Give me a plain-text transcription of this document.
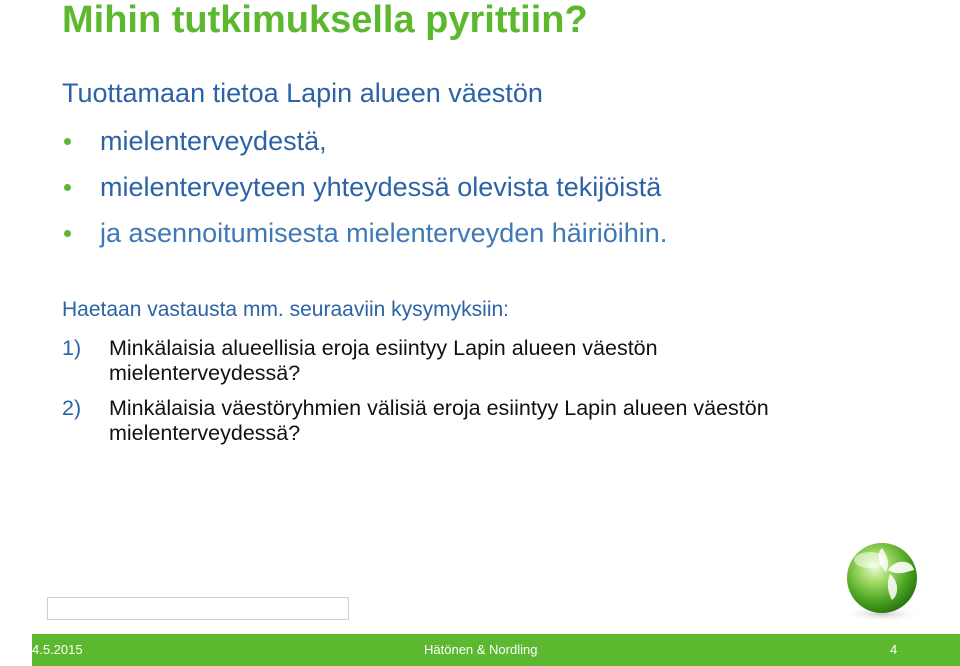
Mihin tutkimuksella pyrittiin?
Tuottamaan tietoa Lapin alueen väestön
mielenterveydestä,
mielenterveyteen yhteydessä olevista tekijöistä
ja asennoitumisesta mielenterveyden häiriöihin.
Haetaan vastausta mm. seuraaviin kysymyksiin:
1) Minkälaisia alueellisia eroja esiintyy Lapin alueen väestön mielenterveydessä?
2) Minkälaisia väestöryhmien välisiä eroja esiintyy Lapin alueen väestön mielenterveydessä?
4.5.2015	Hätönen & Nordling	4
